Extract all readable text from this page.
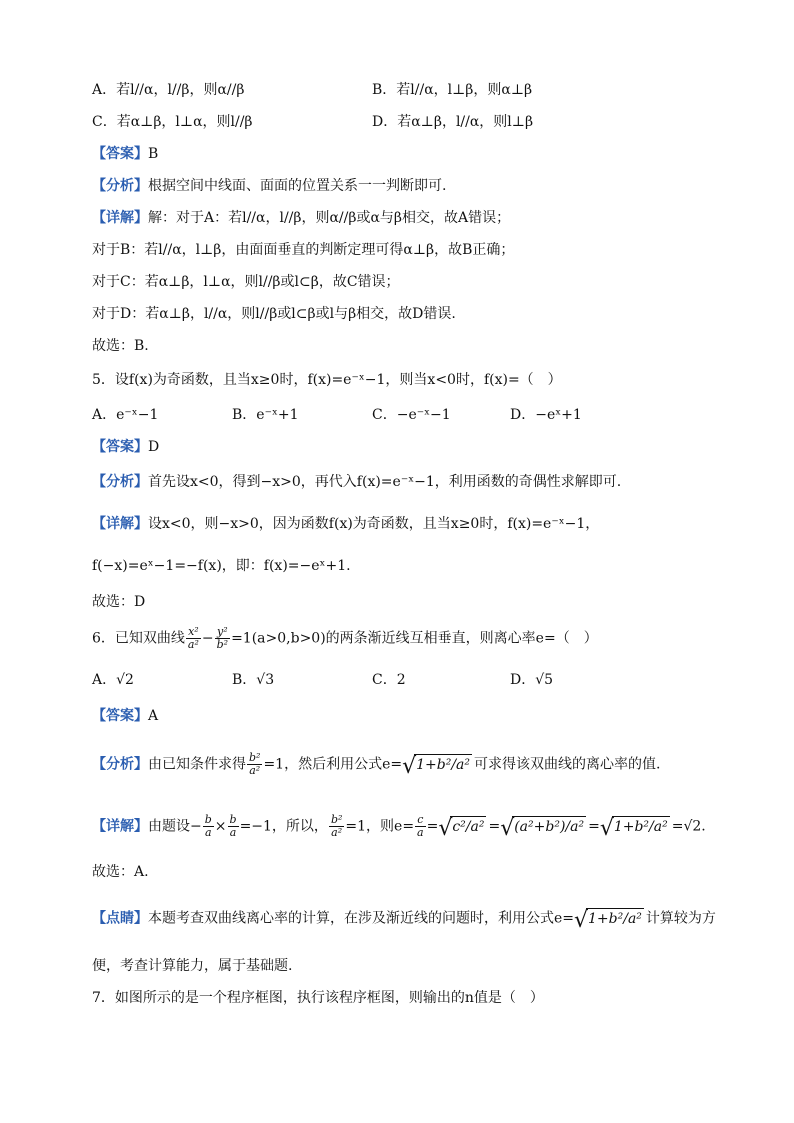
A．若l//α，l//β，则α//β	B．若l//α，l⊥β，则α⊥β
C．若α⊥β，l⊥α，则l//β	D．若α⊥β，l//α，则l⊥β
【答案】B
【分析】根据空间中线面、面面的位置关系一一判断即可.
【详解】解：对于A：若l//α，l//β，则α//β或α与β相交，故A错误；
对于B：若l//α，l⊥β，由面面垂直的判断定理可得α⊥β，故B正确；
对于C：若α⊥β，l⊥α，则l//β或l⊂β，故C错误；
对于D：若α⊥β，l//α，则l//β或l⊂β或l与β相交，故D错误.
故选：B.
5．设f(x)为奇函数，且当x≥0时，f(x)=e⁻ˣ−1，则当x<0时，f(x)=（　）
A．e⁻ˣ−1	B．e⁻ˣ+1	C．−e⁻ˣ−1	D．−eˣ+1
【答案】D
【分析】首先设x<0，得到−x>0，再代入f(x)=e⁻ˣ−1，利用函数的奇偶性求解即可.
【详解】设x<0，则−x>0，因为函数f(x)为奇函数，且当x≥0时，f(x)=e⁻ˣ−1，
f(−x)=eˣ−1=−f(x)，即：f(x)=−eˣ+1.
故选：D
6．已知双曲线 $\frac{\text{x²}}{\text{a²}} - \frac{\text{y²}}{\text{b²}} =1(a>0,b>0)$的两条渐近线互相垂直，则离心率e=（　）
A．√2	B．√3	C．2	D．√5
【答案】A
【分析】由已知条件求得 $\frac{\text{b²}}{\text{a²}} =1$，然后利用公式e= √ 1+b²/a² 可求得该双曲线的离心率的值.
【详解】由题设− $\frac{b}{a} \times \frac{b}{a} =-1$，所以， $\frac{\text{b²}}{\text{a²}} =1$，则$e= \frac{c}{a}$ = √ c²/a² = √ (a²+b²)/a² = √ 1+b²/a² =√2.
故选：A.
【点睛】本题考查双曲线离心率的计算，在涉及渐近线的问题时，利用公式e= √ 1+b²/a² 计算较为方
便，考查计算能力，属于基础题.
7．如图所示的是一个程序框图，执行该程序框图，则输出的n值是（　）
